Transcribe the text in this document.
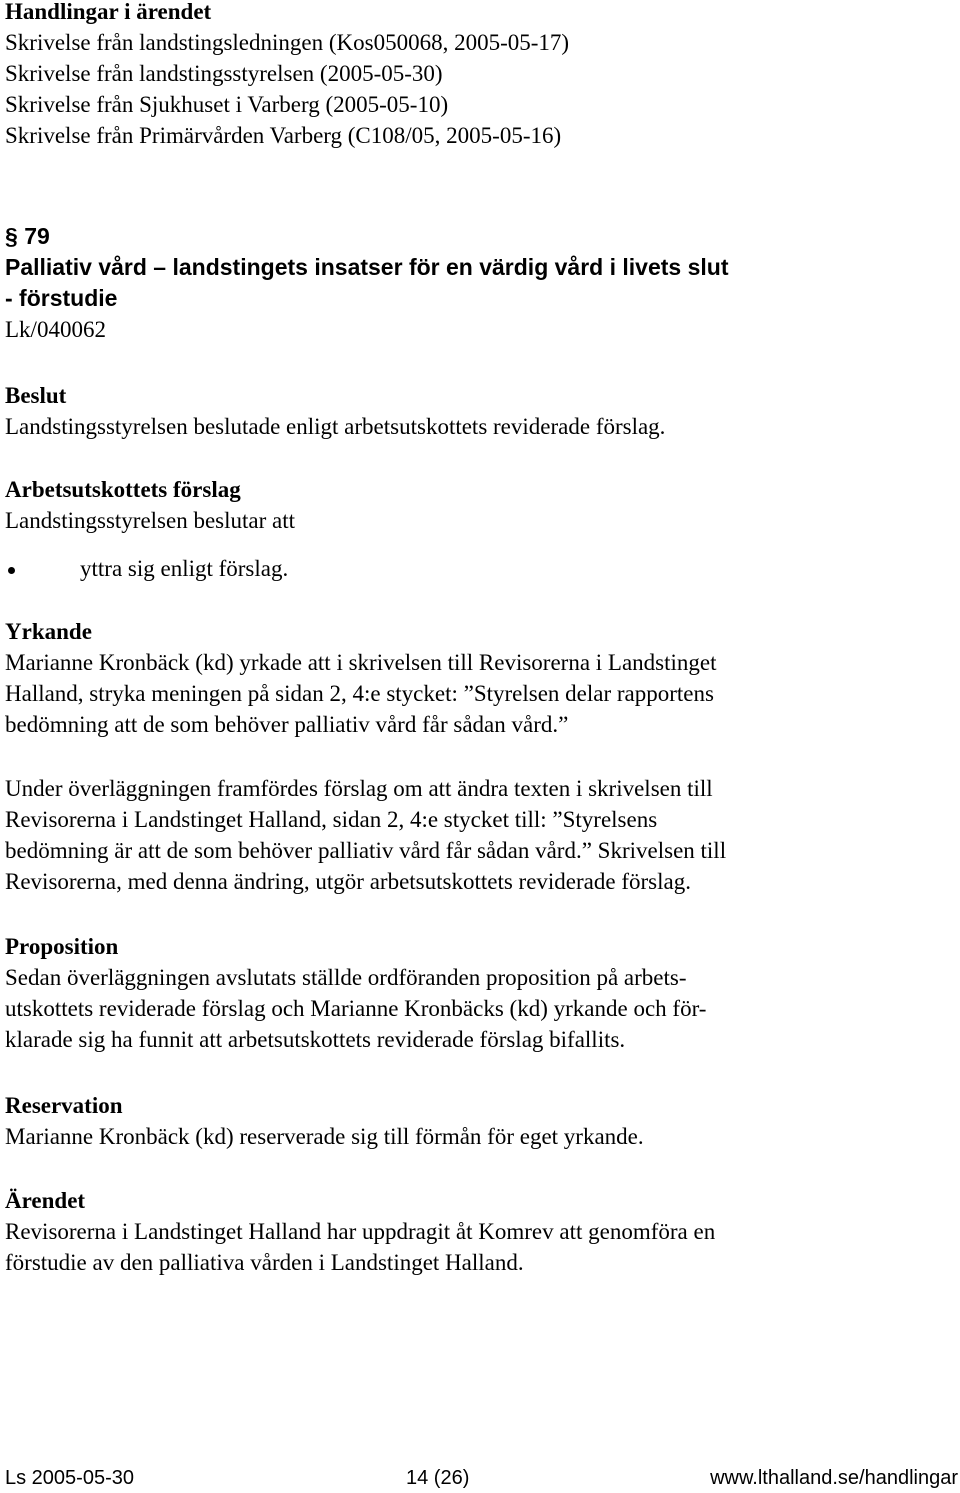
Handlingar i ärendet
Skrivelse från landstingsledningen (Kos050068, 2005-05-17)
Skrivelse från landstingsstyrelsen (2005-05-30)
Skrivelse från Sjukhuset i Varberg (2005-05-10)
Skrivelse från Primärvården Varberg (C108/05, 2005-05-16)
§ 79
Palliativ vård – landstingets insatser för en värdig vård i livets slut
- förstudie
Lk/040062
Beslut
Landstingsstyrelsen beslutade enligt arbetsutskottets reviderade förslag.
Arbetsutskottets förslag
Landstingsstyrelsen beslutar att
yttra sig enligt förslag.
Yrkande
Marianne Kronbäck (kd) yrkade att i skrivelsen till Revisorerna i Landstinget
Halland, stryka meningen på sidan 2, 4:e stycket: ”Styrelsen delar rapportens
bedömning att de som behöver palliativ vård får sådan vård.”
Under överläggningen framfördes förslag om att ändra texten i skrivelsen till
Revisorerna i Landstinget Halland, sidan 2, 4:e stycket till: ”Styrelsens
bedömning är att de som behöver palliativ vård får sådan vård.” Skrivelsen till
Revisorerna, med denna ändring, utgör arbetsutskottets reviderade förslag.
Proposition
Sedan överläggningen avslutats ställde ordföranden proposition på arbets-
utskottets reviderade förslag och Marianne Kronbäcks (kd) yrkande och för-
klarade sig ha funnit att arbetsutskottets reviderade förslag bifallits.
Reservation
Marianne Kronbäck (kd) reserverade sig till förmån för eget yrkande.
Ärendet
Revisorerna i Landstinget Halland har uppdragit åt Komrev att genomföra en
förstudie av den palliativa vården i Landstinget Halland.
Ls 2005-05-30	14 (26)	www.lthalland.se/handlingar
